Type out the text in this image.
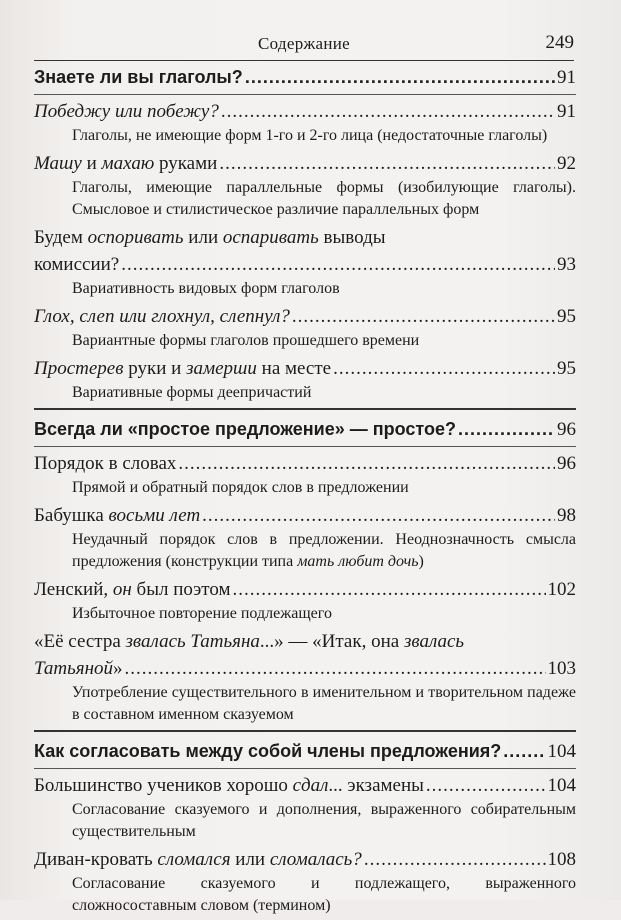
Содержание	249
Знаете ли вы глаголы? .....	91
Победжу или побежу? .....	91
Глаголы, не имеющие форм 1-го и 2-го лица (недостаточные глаголы)
Машу и махаю руками .....	92
Глаголы, имеющие параллельные формы (изобилующие глаголы). Смысловое и стилистическое различие параллельных форм
Будем оспоривать или оспаривать выводы
комиссии? .....	93
Вариативность видовых форм глаголов
Глох, слеп или глохнул, слепнул? .....	95
Вариантные формы глаголов прошедшего времени
Простерев руки и замерши на месте .....	95
Вариативные формы деепричастий
Всегда ли «простое предложение» — простое? .....	96
Порядок в словах .....	96
Прямой и обратный порядок слов в предложении
Бабушка восьми лет .....	98
Неудачный порядок слов в предложении. Неоднозначность смысла предложения (конструкции типа мать любит дочь)
Ленский, он был поэтом .....	102
Избыточное повторение подлежащего
«Её сестра звалась Татьяна...» — «Итак, она звалась
Татьяной» .....	103
Употребление существительного в именительном и творительном падеже в составном именном сказуемом
Как согласовать между собой члены предложения? ..... 104
Большинство учеников хорошо сдал... экзамены .....	104
Согласование сказуемого и дополнения, выраженного собирательным существительным
Диван-кровать сломался или сломалась? .....	108
Согласование сказуемого и подлежащего, выраженного сложносоставным словом (термином)
